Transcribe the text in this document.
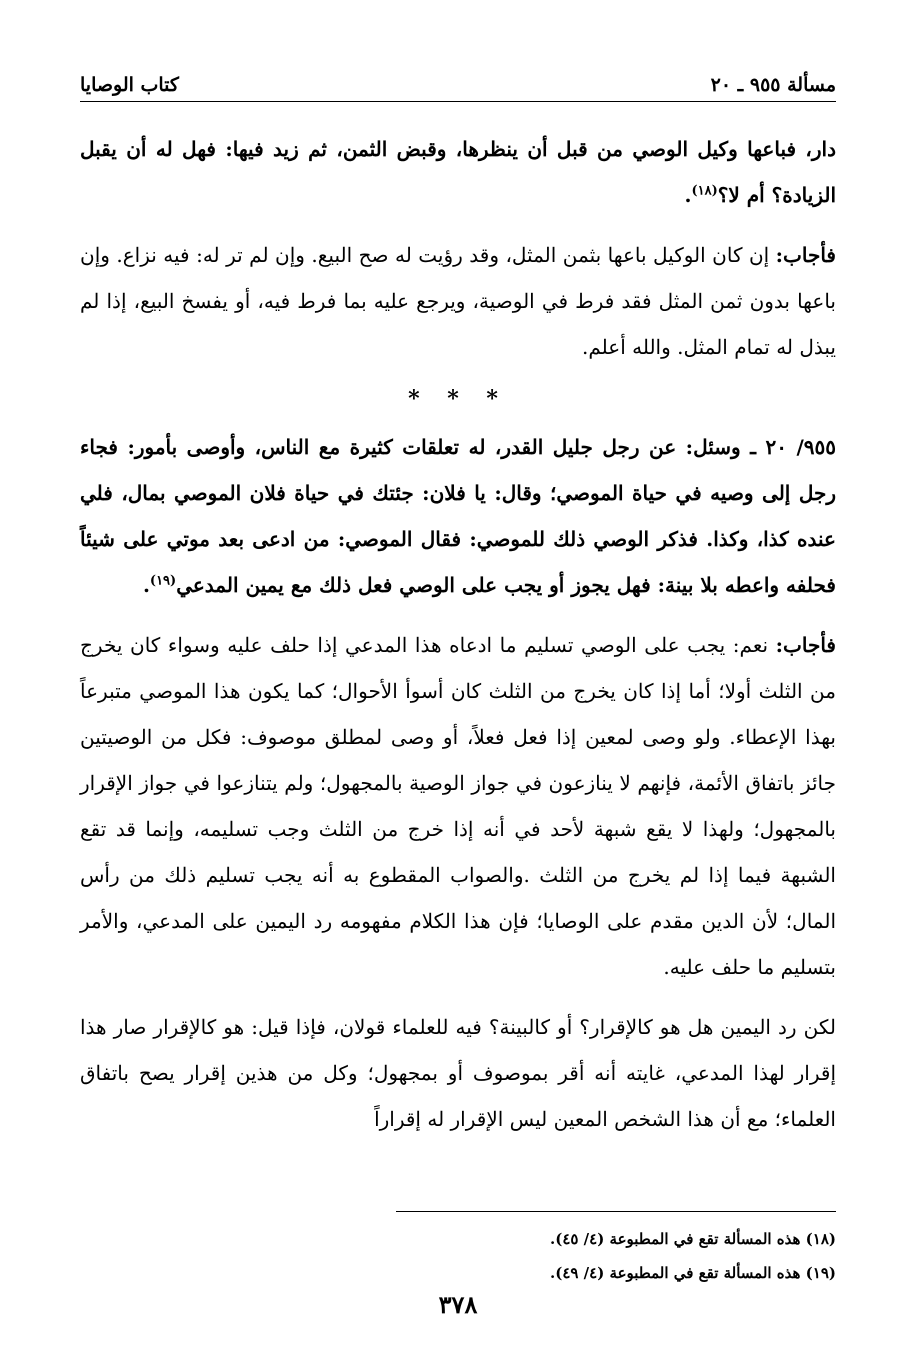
مسألة ٩٥٥ ـ ٢٠
كتاب الوصايا

دار، فباعها وكيل الوصي من قبل أن ينظرها، وقبض الثمن، ثم زيد فيها: فهل له أن يقبل الزيادة؟ أم لا؟$^{(١٨)}$.

فأجاب: إن كان الوكيل باعها بثمن المثل، وقد رؤيت له صح البيع. وإن لم تر له: فيه نزاع. وإن باعها بدون ثمن المثل فقد فرط في الوصية، ويرجع عليه بما فرط فيه، أو يفسخ البيع، إذا لم يبذل له تمام المثل. والله أعلم.

* * *

٩٥٥/ ٢٠ ـ وسئل: عن رجل جليل القدر، له تعلقات كثيرة مع الناس، وأوصى بأمور: فجاء رجل إلى وصيه في حياة الموصي؛ وقال: يا فلان: جئتك في حياة فلان الموصي بمال، فلي عنده كذا، وكذا. فذكر الوصي ذلك للموصي: فقال الموصي: من ادعى بعد موتي على شيئاً فحلفه واعطه بلا بينة: فهل يجوز أو يجب على الوصي فعل ذلك مع يمين المدعي$^{(١٩)}$.

فأجاب: نعم: يجب على الوصي تسليم ما ادعاه هذا المدعي إذا حلف عليه وسواء كان يخرج من الثلث أولا؛ أما إذا كان يخرج من الثلث كان أسوأ الأحوال؛ كما يكون هذا الموصي متبرعاً بهذا الإعطاء. ولو وصى لمعين إذا فعل فعلاً، أو وصى لمطلق موصوف: فكل من الوصيتين جائز باتفاق الأئمة، فإنهم لا ينازعون في جواز الوصية بالمجهول؛ ولم يتنازعوا في جواز الإقرار بالمجهول؛ ولهذا لا يقع شبهة لأحد في أنه إذا خرج من الثلث وجب تسليمه، وإنما قد تقع الشبهة فيما إذا لم يخرج من الثلث .والصواب المقطوع به أنه يجب تسليم ذلك من رأس المال؛ لأن الدين مقدم على الوصايا؛ فإن هذا الكلام مفهومه رد اليمين على المدعي، والأمر بتسليم ما حلف عليه.

لكن رد اليمين هل هو كالإقرار؟ أو كالبينة؟ فيه للعلماء قولان، فإذا قيل: هو كالإقرار صار هذا إقرار لهذا المدعي، غايته أنه أقر بموصوف أو بمجهول؛ وكل من هذين إقرار يصح باتفاق العلماء؛ مع أن هذا الشخص المعين ليس الإقرار له إقراراً

(١٨) هذه المسألة تقع في المطبوعة (٤/ ٤٥).
(١٩) هذه المسألة تقع في المطبوعة (٤/ ٤٩).
٣٧٨
